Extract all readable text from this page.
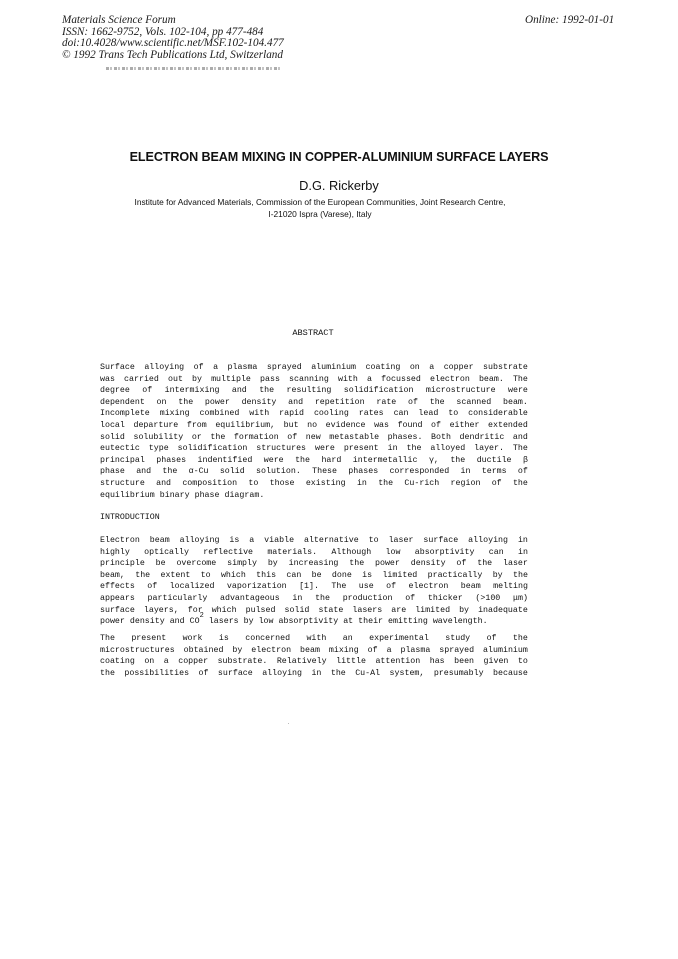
Materials Science Forum
ISSN: 1662-9752, Vols. 102-104, pp 477-484
doi:10.4028/www.scientific.net/MSF.102-104.477
© 1992 Trans Tech Publications Ltd, Switzerland
Online: 1992-01-01
ELECTRON BEAM MIXING IN COPPER-ALUMINIUM SURFACE LAYERS
D.G. Rickerby
Institute for Advanced Materials, Commission of the European Communities, Joint Research Centre,
I-21020 Ispra (Varese), Italy
ABSTRACT
Surface alloying of a plasma sprayed aluminium coating on a copper substrate
was carried out by multiple pass scanning with a focussed electron beam. The
degree of intermixing and the resulting solidification microstructure were
dependent on the power density and repetition rate of the scanned beam.
Incomplete mixing combined with rapid cooling rates can lead to considerable
local departure from equilibrium, but no evidence was found of either extended
solid solubility or the formation of new metastable phases. Both dendritic and
eutectic type solidification structures were present in the alloyed layer. The
principal phases indentified were the hard intermetallic γ, the ductile β
phase and the α-Cu solid solution. These phases corresponded in terms of
structure and composition to those existing in the Cu-rich region of the
equilibrium binary phase diagram.
INTRODUCTION
Electron beam alloying is a viable alternative to laser surface alloying in
highly optically reflective materials. Although low absorptivity can in
principle be overcome simply by increasing the power density of the laser
beam, the extent to which this can be done is limited practically by the
effects of localized vaporization [1]. The use of electron beam melting
appears particularly advantageous in the production of thicker (>100 μm)
surface layers, for which pulsed solid state lasers are limited by inadequate
power density and CO
2
lasers by low absorptivity at their emitting wavelength.
The present work is concerned with an experimental study of the
microstructures obtained by electron beam mixing of a plasma sprayed aluminium
coating on a copper substrate. Relatively little attention has been given to
the possibilities of surface alloying in the Cu-Al system, presumably because
